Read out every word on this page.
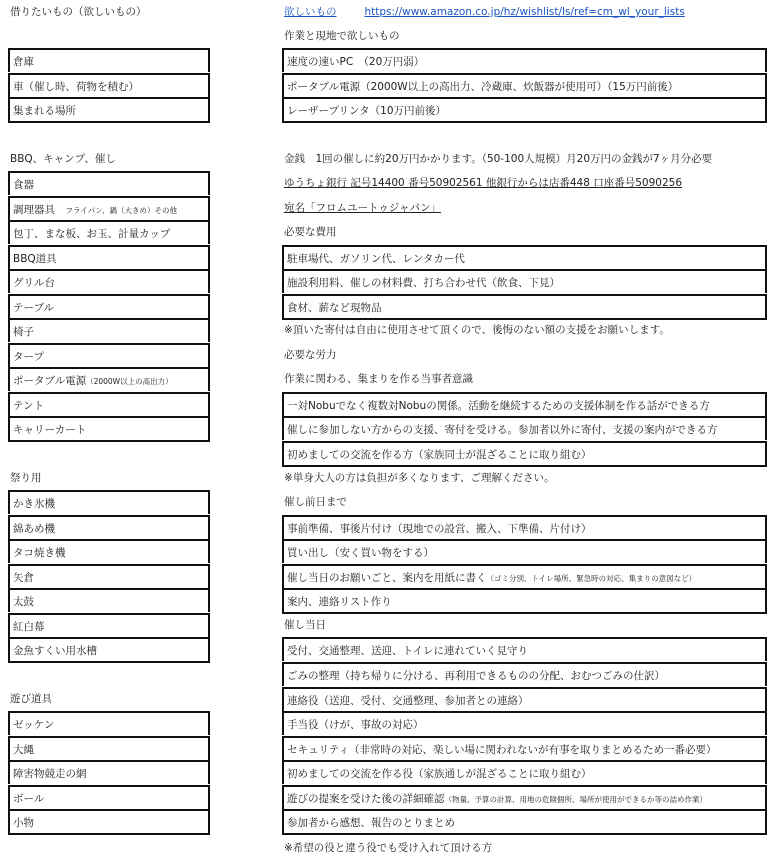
借りたいもの（欲しいもの）
倉庫
車（催し時、荷物を積む）
集まれる場所
BBQ、キャンプ、催し
食器
調理器具　 フライパン、鍋（大きめ）その他
包丁、まな板、お玉、計量カップ
BBQ道具
グリル台
テーブル
椅子
タープ
ポータブル電源（2000W以上の高出力）
テント
キャリーカート
祭り用
かき氷機
綿あめ機
タコ焼き機
矢倉
太鼓
紅白幕
金魚すくい用水槽
遊び道具
ゼッケン
大縄
障害物競走の網
ボール
小物
欲しいもの	https://www.amazon.co.jp/hz/wishlist/ls/ref=cm_wl_your_lists
作業と現地で欲しいもの
速度の速いPC　（20万円弱）
ポータブル電源（2000W以上の高出力、冷蔵庫、炊飯器が使用可）（15万円前後）
レーザープリンタ（10万円前後）
金銭　1回の催しに約20万円かかります。（50-100人規模）月20万円の金銭が7ヶ月分必要
ゆうちょ銀行 記号14400 番号50902561 他銀行からは店番448 口座番号5090256
宛名「フロムユートゥジャパン」
必要な費用
駐車場代、ガソリン代、レンタカー代
施設利用料、催しの材料費、打ち合わせ代（飲食、下見）
食材、薪など現物品
※頂いた寄付は自由に使用させて頂くので、後悔のない額の支援をお願いします。
必要な労力
作業に関わる、集まりを作る当事者意識
一対Nobuでなく複数対Nobuの関係。活動を継続するための支援体制を作る話ができる方
催しに参加しない方からの支援、寄付を受ける。参加者以外に寄付、支援の案内ができる方
初めましての交流を作る方（家族同士が混ざることに取り組む）
※単身大人の方は負担が多くなります、ご理解ください。
催し前日まで
事前準備、事後片付け（現地での設営、搬入、下準備、片付け）
買い出し（安く買い物をする）
催し当日のお願いごと、案内を用紙に書く（ゴミ分別、トイレ場所、緊急時の対応、集まりの意図など）
案内、連絡リスト作り
催し当日
受付、交通整理、送迎、トイレに連れていく見守り
ごみの整理（持ち帰りに分ける、再利用できるものの分配、おむつごみの仕訳）
連絡役（送迎、受付、交通整理、参加者との連絡）
手当役（けが、事故の対応）
セキュリティ（非常時の対応、楽しい場に関われないが有事を取りまとめるため一番必要）
初めましての交流を作る役（家族通しが混ざることに取り組む）
遊びの提案を受けた後の詳細確認（物量、予算の計算、用地の危険個所、場所が使用ができるか等の詰め作業）
参加者から感想、報告のとりまとめ
※希望の役と違う役でも受け入れて頂ける方
